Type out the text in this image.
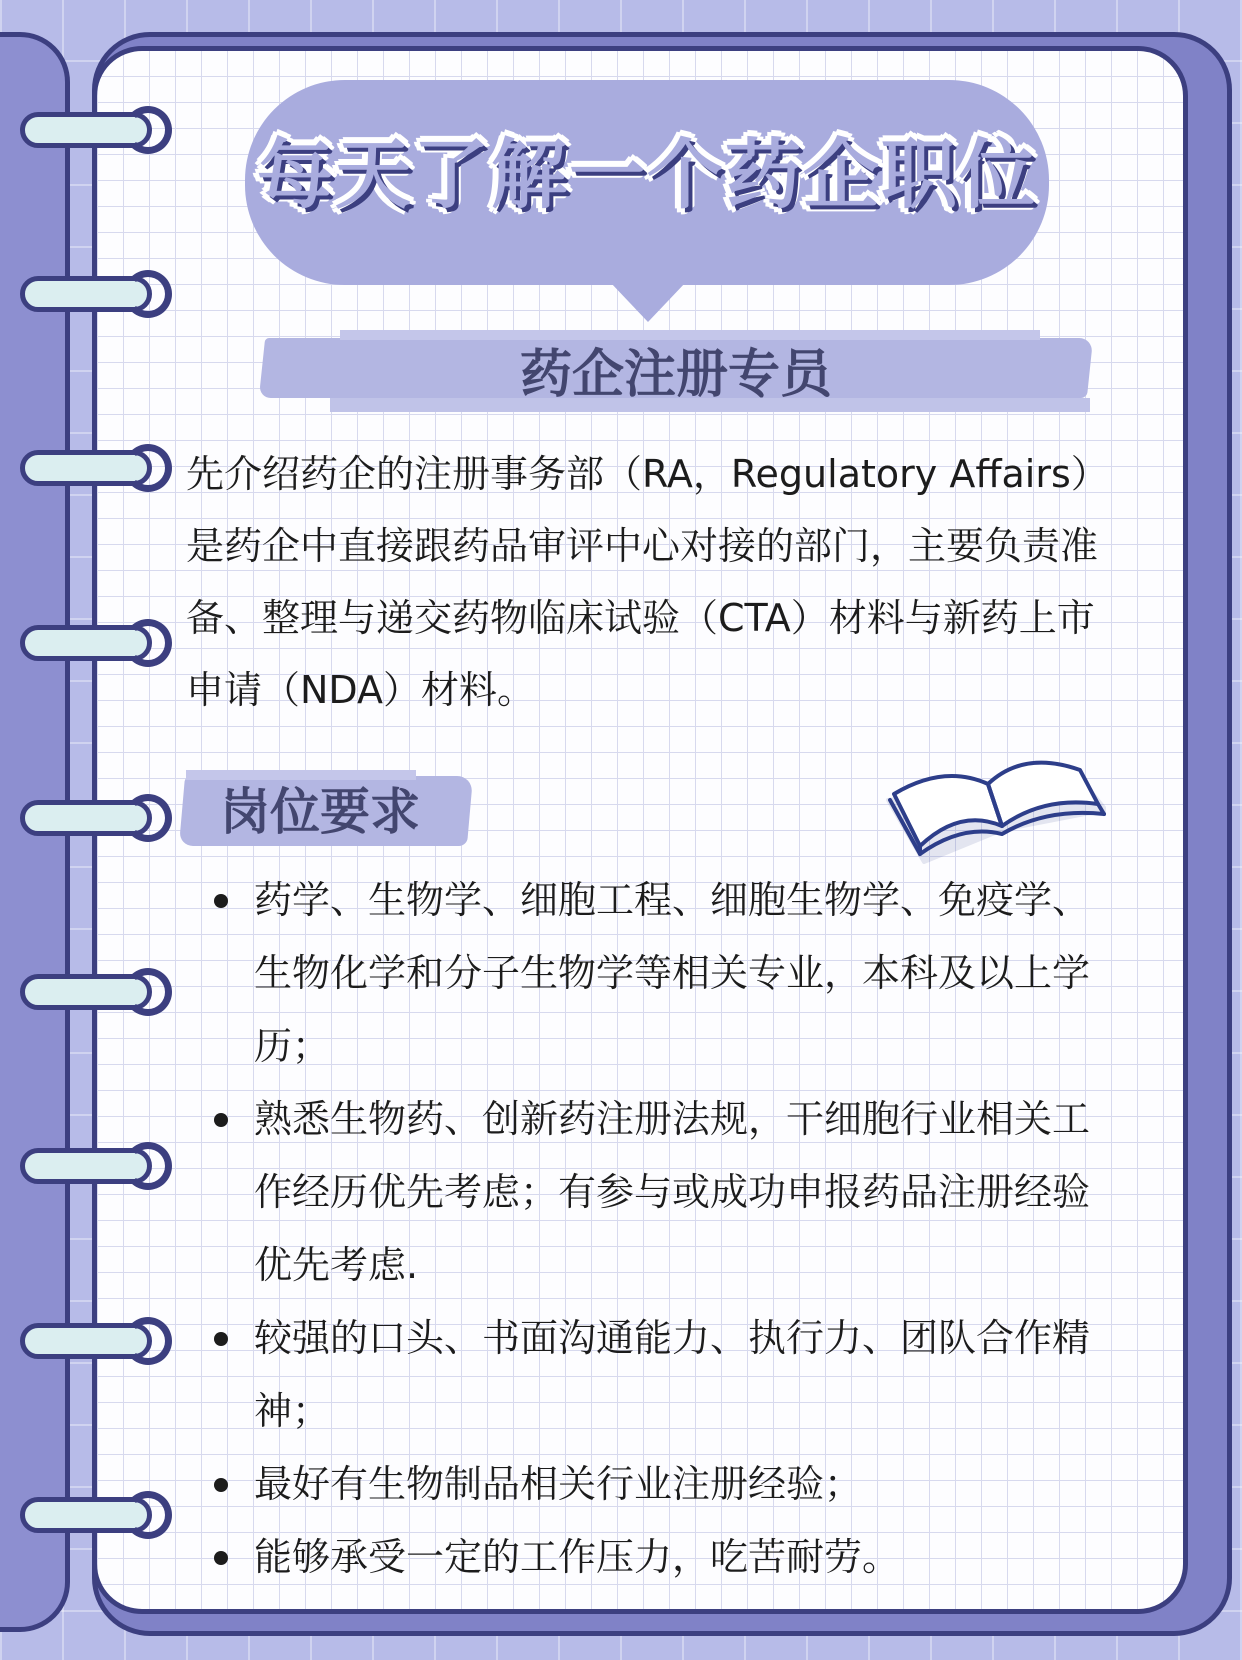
每天了解一个药企职位
药企注册专员

先介绍药企的注册事务部（RA，Regulatory Affairs）是药企中直接跟药品审评中心对接的部门，主要负责准备、整理与递交药物临床试验（CTA）材料与新药上市申请（NDA）材料。

岗位要求
药学、生物学、细胞工程、细胞生物学、免疫学、生物化学和分子生物学等相关专业，本科及以上学历；
熟悉生物药、创新药注册法规，干细胞行业相关工作经历优先考虑；有参与或成功申报药品注册经验优先考虑.
较强的口头、书面沟通能力、执行力、团队合作精神；
最好有生物制品相关行业注册经验；
能够承受一定的工作压力，吃苦耐劳。
